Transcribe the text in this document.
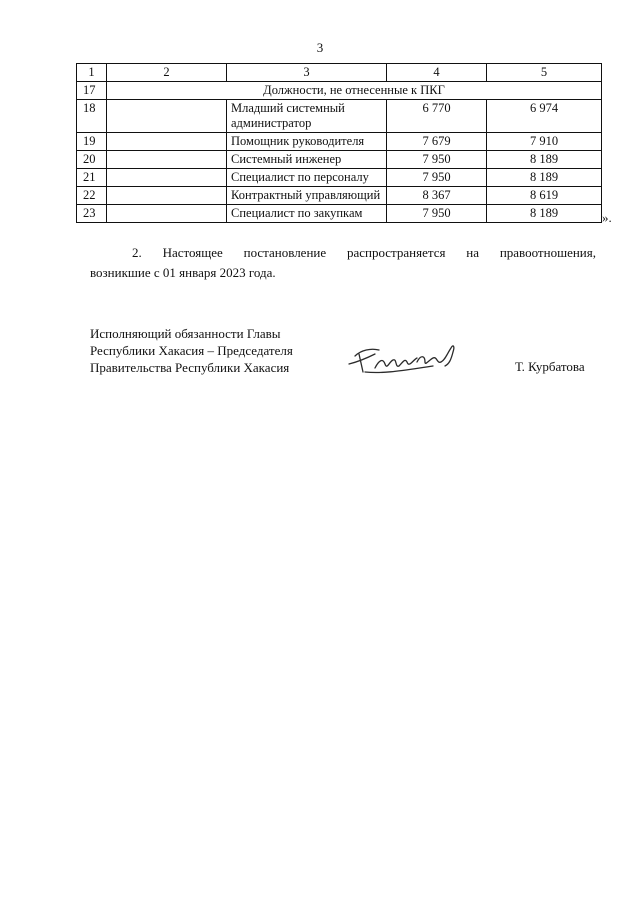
3
1	2	3	4	5
17	Должности, не отнесенные к ПКГ			
18		Младший системный администратор	6 770	6 974
19		Помощник руководителя	7 679	7 910
20		Системный инженер	7 950	8 189
21		Специалист по персоналу	7 950	8 189
22		Контрактный управляющий	8 367	8 619
23		Специалист по закупкам	7 950	8 189	».
2. Настоящее постановление распространяется на правоотношения,
возникшие с 01 января 2023 года.
Исполняющий обязанности Главы
Республики Хакасия – Председателя
Правительства Республики Хакасия	Т. Курбатова
